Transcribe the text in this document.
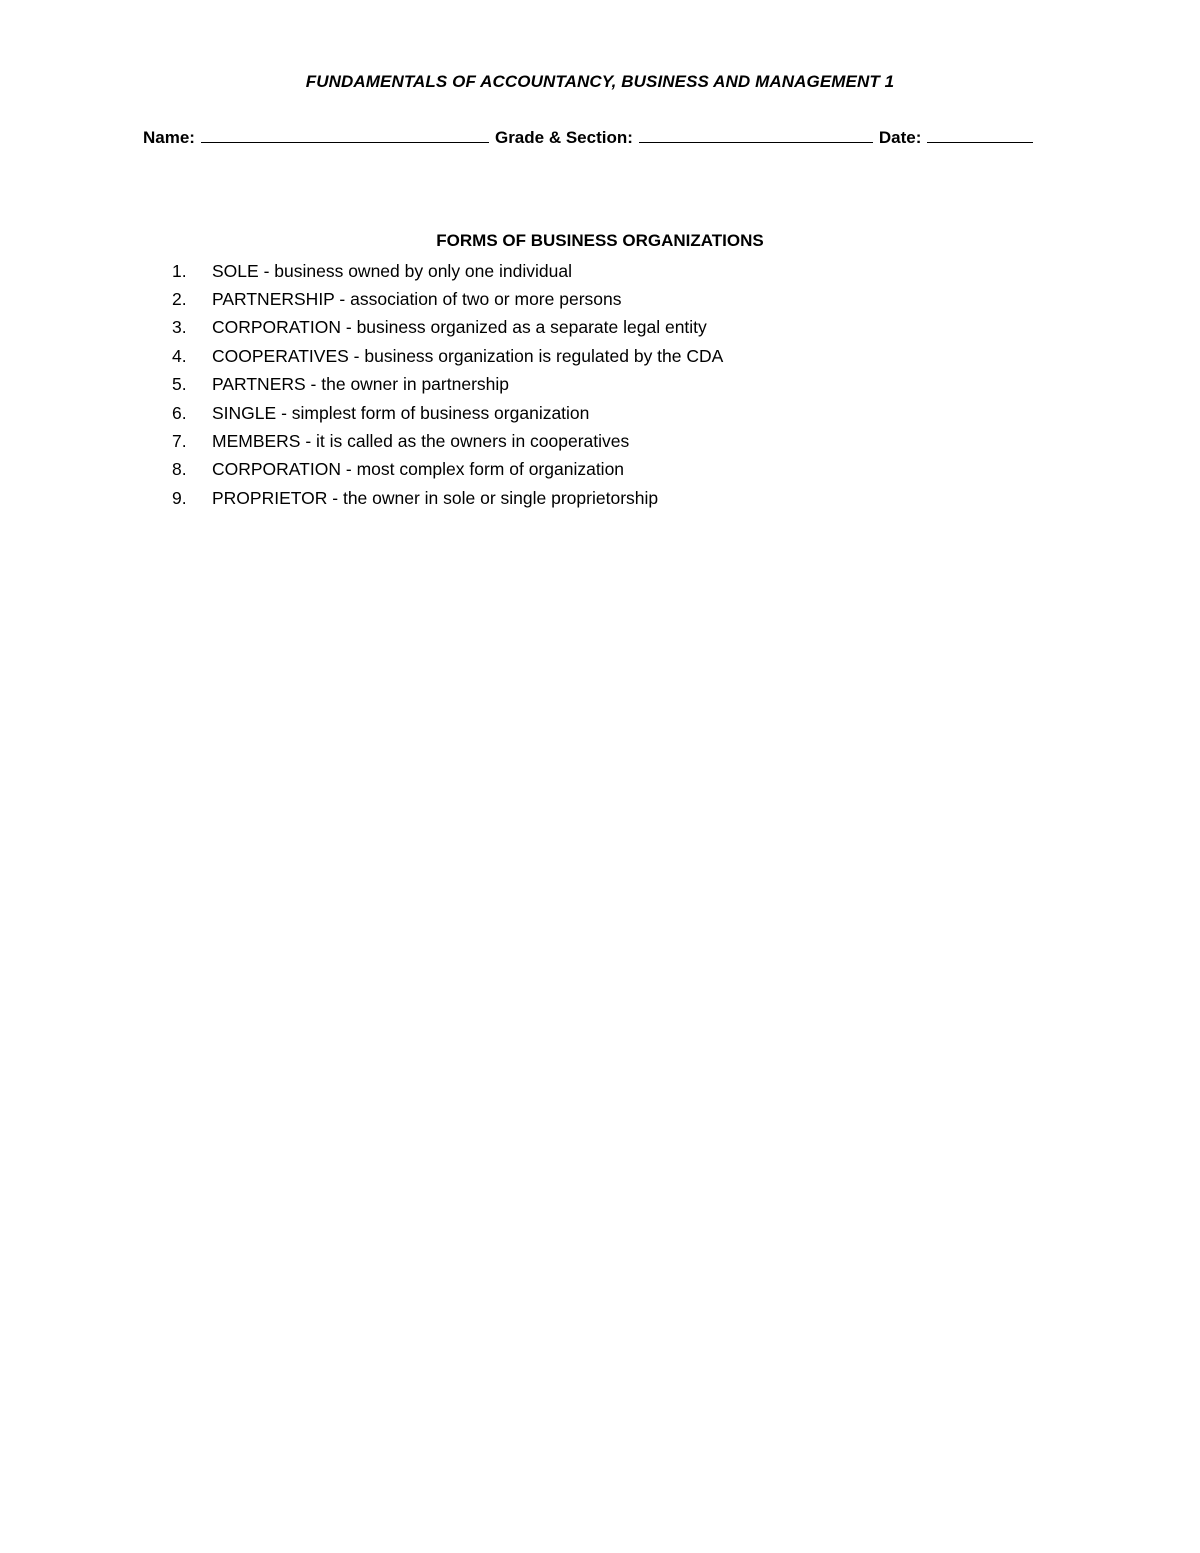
FUNDAMENTALS OF ACCOUNTANCY, BUSINESS AND MANAGEMENT 1
Name:	Grade & Section:	Date:
FORMS OF BUSINESS ORGANIZATIONS
1.	SOLE - business owned by only one individual
2.	PARTNERSHIP - association of two or more persons
3.	CORPORATION - business organized as a separate legal entity
4.	COOPERATIVES - business organization is regulated by the CDA
5.	PARTNERS - the owner in partnership
6.	SINGLE - simplest form of business organization
7.	MEMBERS - it is called as the owners in cooperatives
8.	CORPORATION - most complex form of organization
9.	PROPRIETOR - the owner in sole or single proprietorship
